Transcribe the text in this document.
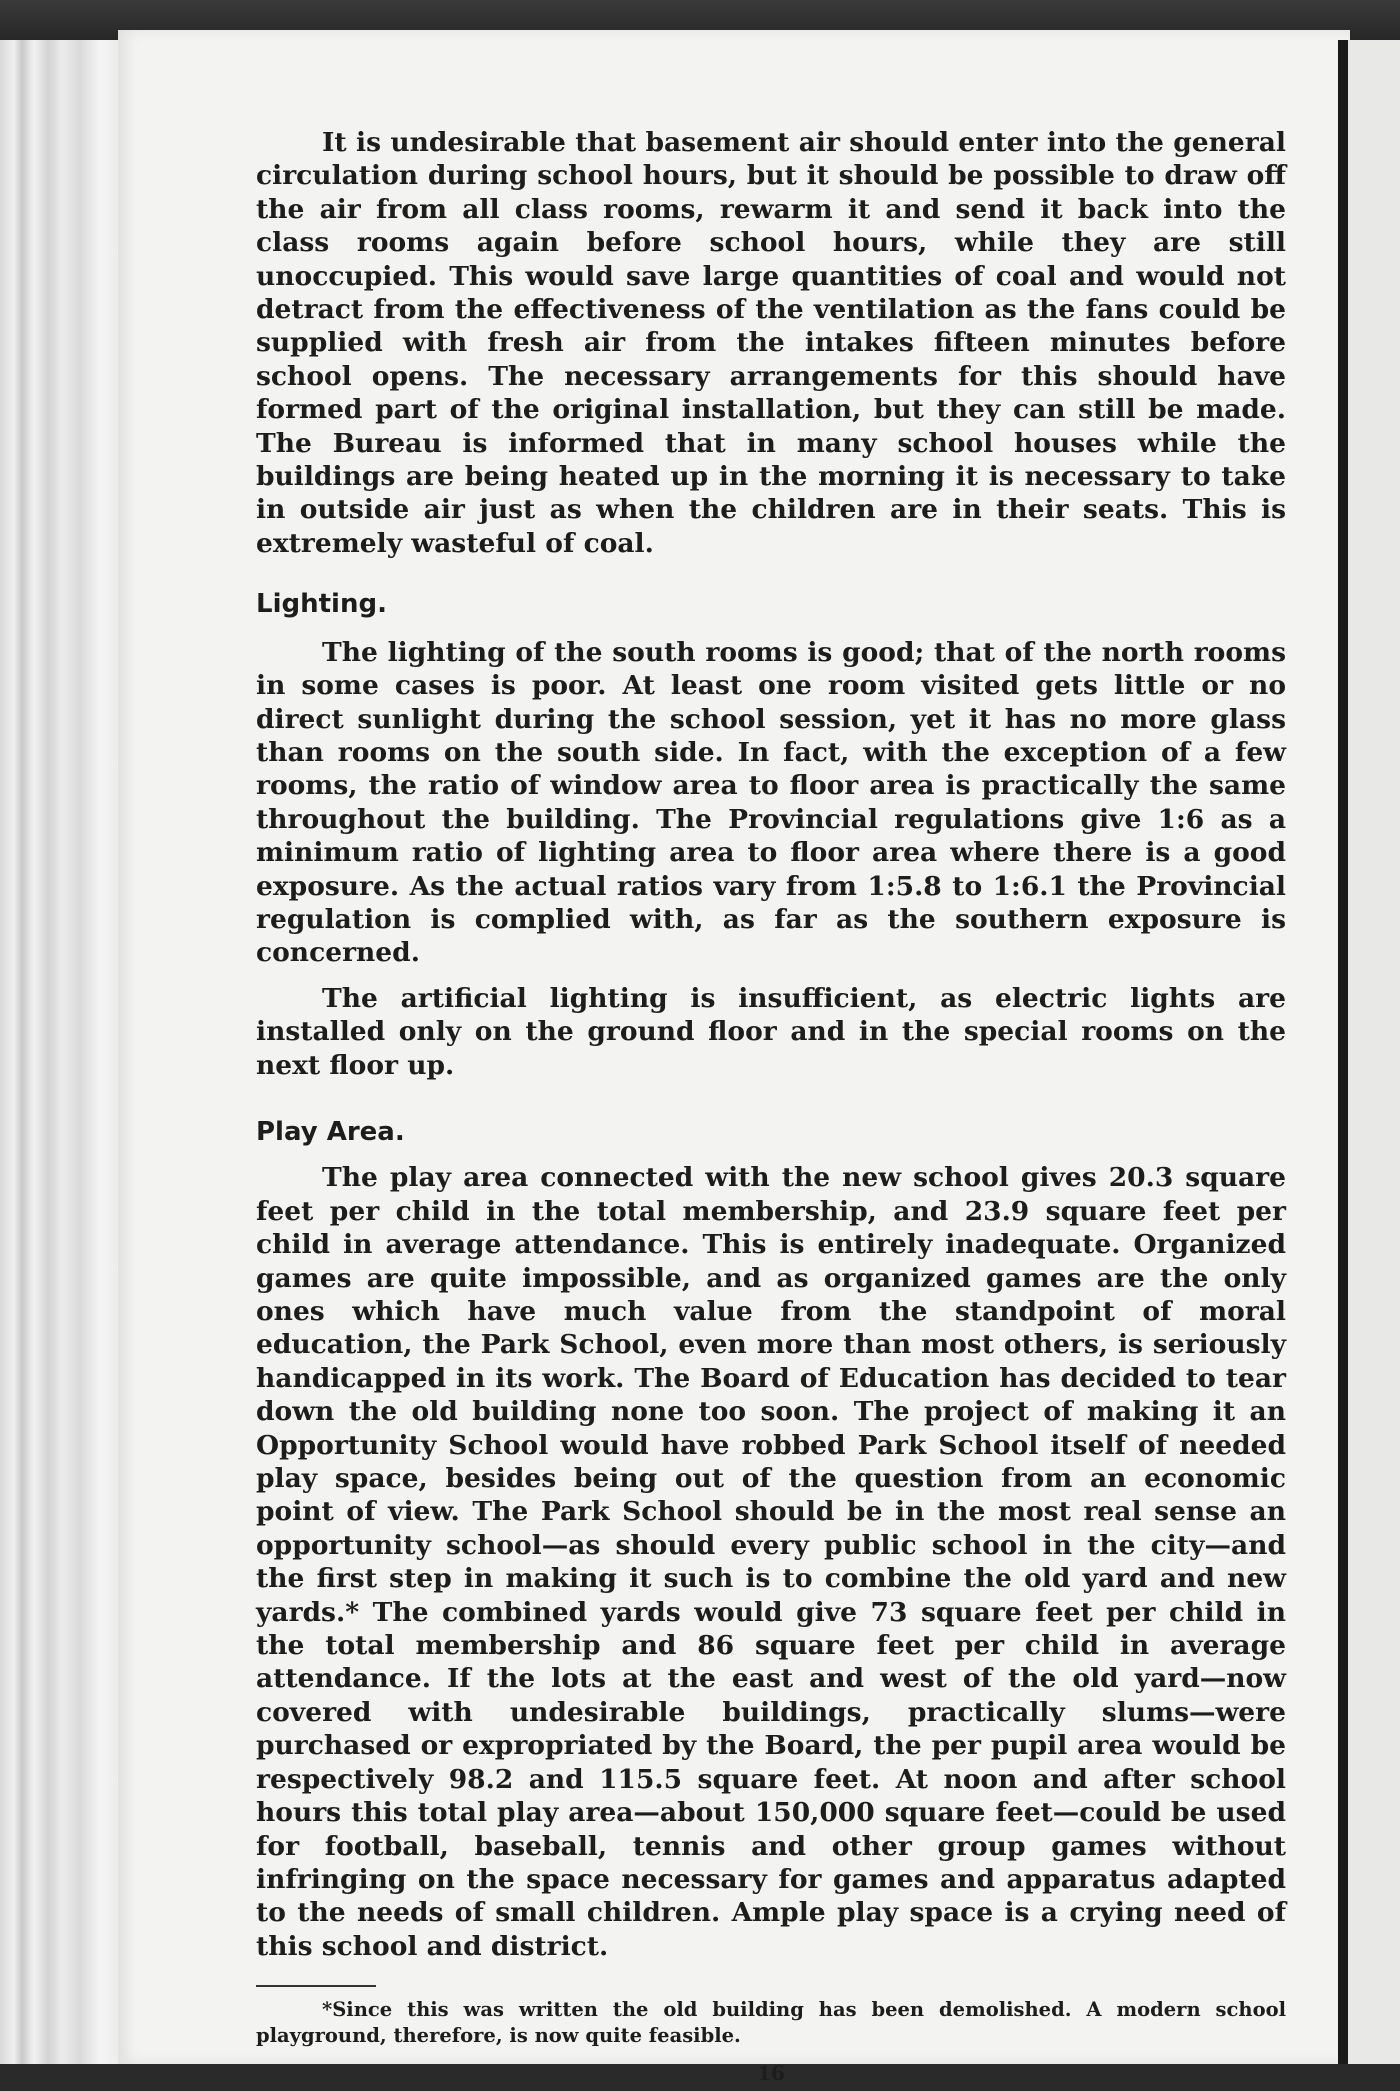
It is undesirable that basement air should enter into the general circulation during school hours, but it should be possible to draw off the air from all class rooms, rewarm it and send it back into the class rooms again before school hours, while they are still unoccupied. This would save large quantities of coal and would not detract from the effectiveness of the ventilation as the fans could be supplied with fresh air from the intakes fifteen minutes before school opens. The necessary arrangements for this should have formed part of the original installation, but they can still be made. The Bureau is informed that in many school houses while the buildings are being heated up in the morning it is necessary to take in outside air just as when the children are in their seats. This is extremely wasteful of coal.

Lighting.

The lighting of the south rooms is good; that of the north rooms in some cases is poor. At least one room visited gets little or no direct sunlight during the school session, yet it has no more glass than rooms on the south side. In fact, with the exception of a few rooms, the ratio of window area to floor area is practically the same throughout the building. The Provincial regulations give 1:6 as a minimum ratio of lighting area to floor area where there is a good exposure. As the actual ratios vary from 1:5.8 to 1:6.1 the Provincial regulation is complied with, as far as the southern exposure is concerned.

The artificial lighting is insufficient, as electric lights are installed only on the ground floor and in the special rooms on the next floor up.

Play Area.

The play area connected with the new school gives 20.3 square feet per child in the total membership, and 23.9 square feet per child in average attendance. This is entirely inadequate. Organized games are quite impossible, and as organized games are the only ones which have much value from the standpoint of moral education, the Park School, even more than most others, is seriously handicapped in its work. The Board of Education has decided to tear down the old building none too soon. The project of making it an Opportunity School would have robbed Park School itself of needed play space, besides being out of the question from an economic point of view. The Park School should be in the most real sense an opportunity school—as should every public school in the city—and the first step in making it such is to combine the old yard and new yards.* The combined yards would give 73 square feet per child in the total membership and 86 square feet per child in average attendance. If the lots at the east and west of the old yard—now covered with undesirable buildings, practically slums—were purchased or expropriated by the Board, the per pupil area would be respectively 98.2 and 115.5 square feet. At noon and after school hours this total play area—about 150,000 square feet—could be used for football, baseball, tennis and other group games without infringing on the space necessary for games and apparatus adapted to the needs of small children. Ample play space is a crying need of this school and district.

*Since this was written the old building has been demolished. A modern school playground, therefore, is now quite feasible.

16
